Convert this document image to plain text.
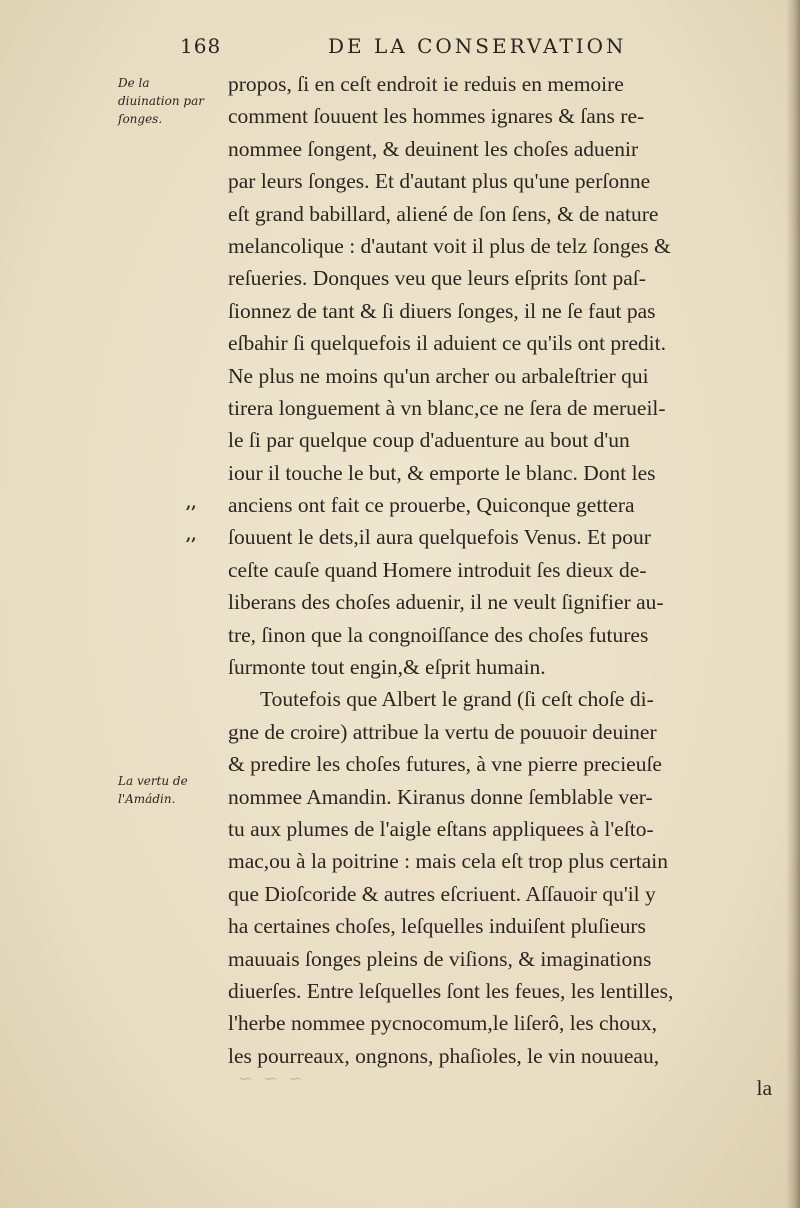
168	DE LA CONSERVATION
De la diuination par ſonges.
La vertu de l'Amádin.
,,
,,
propos, ſi en ceſt endroit ie reduis en memoire
comment ſouuent les hommes ignares & ſans re-
nommee ſongent, & deuinent les choſes aduenir
par leurs ſonges. Et d'autant plus qu'une perſonne
eſt grand babillard, aliené de ſon ſens, & de nature
melancolique : d'autant voit il plus de telz ſonges &
reſueries. Donques veu que leurs eſprits ſont paſ-
ſionnez de tant & ſi diuers ſonges, il ne ſe faut pas
eſbahir ſi quelquefois il aduient ce qu'ils ont predit.
Ne plus ne moins qu'un archer ou arbaleſtrier qui
tirera longuement à vn blanc,ce ne ſera de merueil-
le ſi par quelque coup d'aduenture au bout d'un
iour il touche le but, & emporte le blanc. Dont les
anciens ont fait ce prouerbe, Quiconque gettera
ſouuent le dets,il aura quelquefois Venus. Et pour
ceſte cauſe quand Homere introduit ſes dieux de-
liberans des choſes aduenir, il ne veult ſignifier au-
tre, ſinon que la congnoiſſance des choſes futures
ſurmonte tout engin,& eſprit humain.
Toutefois que Albert le grand (ſi ceſt choſe di-
gne de croire) attribue la vertu de pouuoir deuiner
& predire les choſes futures, à vne pierre precieuſe
nommee Amandin. Kiranus donne ſemblable ver-
tu aux plumes de l'aigle eſtans appliquees à l'eſto-
mac,ou à la poitrine : mais cela eſt trop plus certain
que Dioſcoride & autres eſcriuent. Aſſauoir qu'il y
ha certaines choſes, leſquelles induiſent pluſieurs
mauuais ſonges pleins de viſions, & imaginations
diuerſes. Entre leſquelles ſont les feues, les lentilles,
l'herbe nommee pycnocomum,le liſerô, les choux,
les pourreaux, ongnons, phaſioles, le vin nouueau,
la
~ ~ ~
